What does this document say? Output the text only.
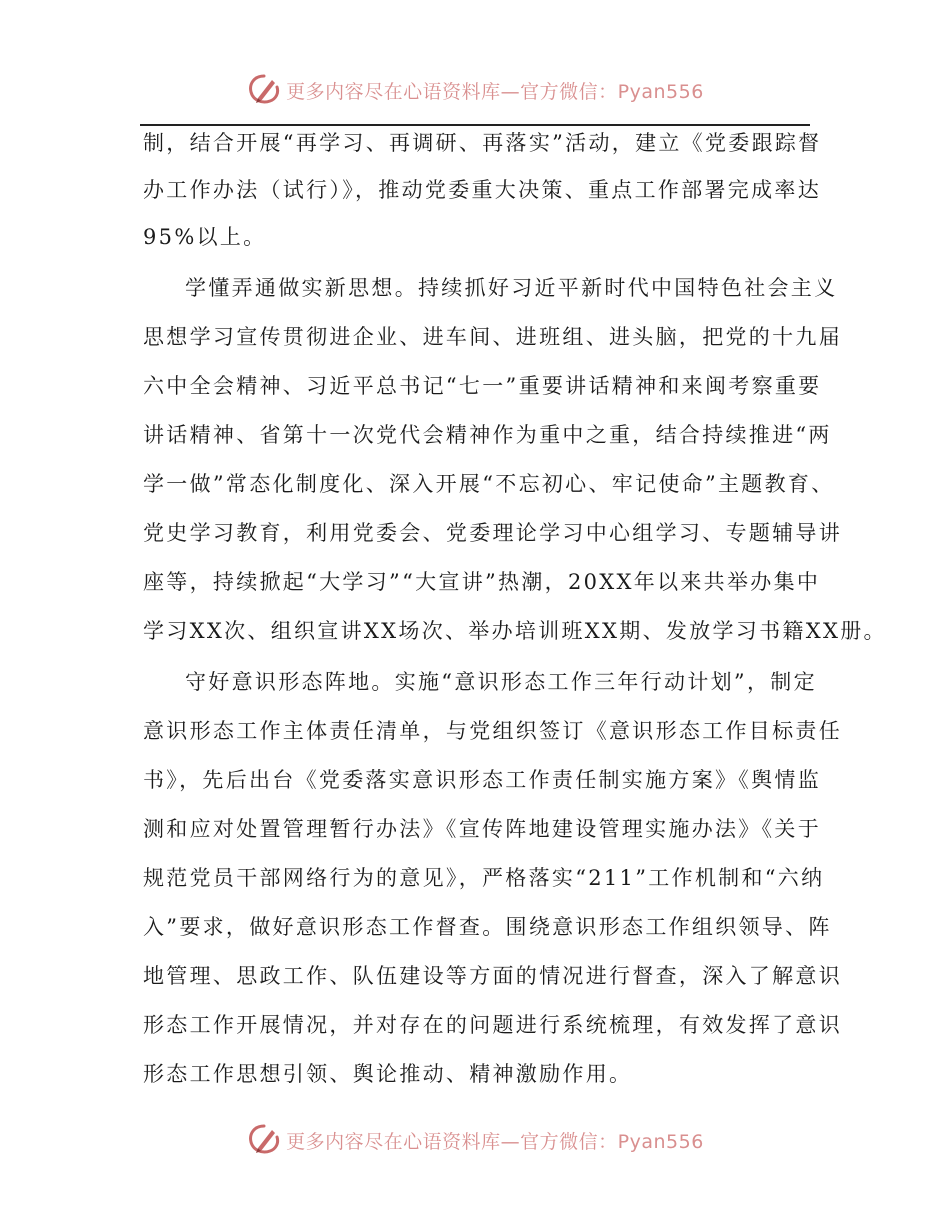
更多内容尽在心语资料库—官方微信：Pyan556
制，结合开展“再学习、再调研、再落实”活动，建立《党委跟踪督
办工作办法（试行）》，推动党委重大决策、重点工作部署完成率达
95%以上。
学懂弄通做实新思想。持续抓好习近平新时代中国特色社会主义
思想学习宣传贯彻进企业、进车间、进班组、进头脑，把党的十九届
六中全会精神、习近平总书记“七一”重要讲话精神和来闽考察重要
讲话精神、省第十一次党代会精神作为重中之重，结合持续推进“两
学一做”常态化制度化、深入开展“不忘初心、牢记使命”主题教育、
党史学习教育，利用党委会、党委理论学习中心组学习、专题辅导讲
座等，持续掀起“大学习”“大宣讲”热潮，20XX年以来共举办集中
学习XX次、组织宣讲XX场次、举办培训班XX期、发放学习书籍XX册。
守好意识形态阵地。实施“意识形态工作三年行动计划”，制定
意识形态工作主体责任清单，与党组织签订《意识形态工作目标责任
书》，先后出台《党委落实意识形态工作责任制实施方案》《舆情监
测和应对处置管理暂行办法》《宣传阵地建设管理实施办法》《关于
规范党员干部网络行为的意见》，严格落实“211”工作机制和“六纳
入”要求，做好意识形态工作督查。围绕意识形态工作组织领导、阵
地管理、思政工作、队伍建设等方面的情况进行督查，深入了解意识
形态工作开展情况，并对存在的问题进行系统梳理，有效发挥了意识
形态工作思想引领、舆论推动、精神激励作用。
更多内容尽在心语资料库—官方微信：Pyan556
